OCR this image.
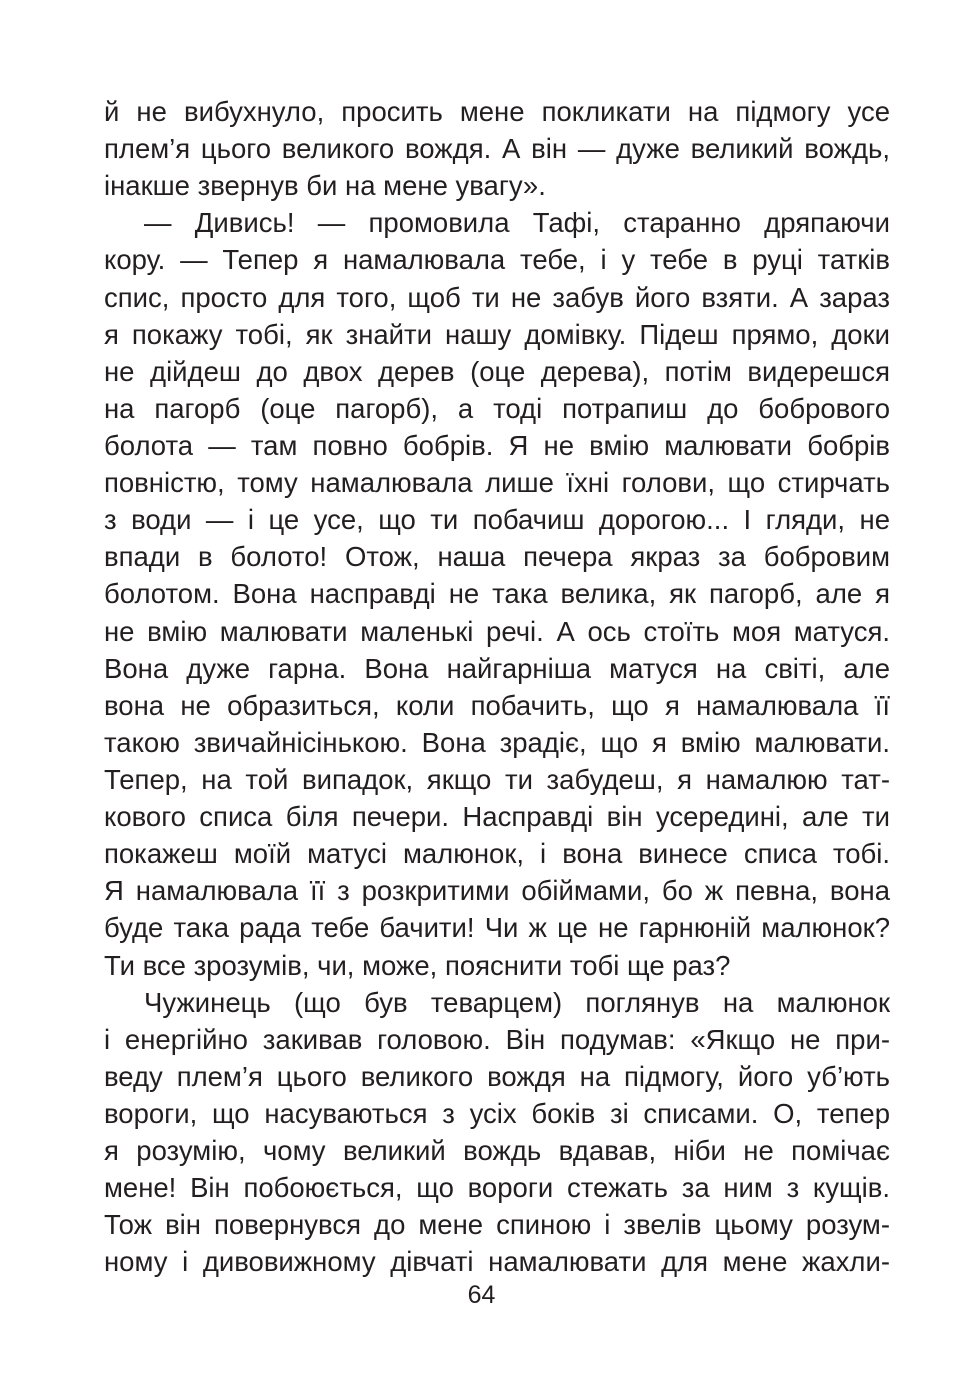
й не вибухнуло, просить мене покликати на підмогу усе
плем’я цього великого вождя. А він — дуже великий вождь,
інакше звернув би на мене увагу».
— Дивись! — промовила Тафі, старанно дряпаючи
кору. — Тепер я намалювала тебе, і у тебе в руці татків
спис, просто для того, щоб ти не забув його взяти. А зараз
я покажу тобі, як знайти нашу домівку. Підеш прямо, доки
не дійдеш до двох дерев (оце дерева), потім видерешся
на пагорб (оце пагорб), а тоді потрапиш до бобрового
болота — там повно бобрів. Я не вмію малювати бобрів
повністю, тому намалювала лише їхні голови, що стирчать
з води — і це усе, що ти побачиш дорогою... І гляди, не
впади в болото! Отож, наша печера якраз за бобровим
болотом. Вона насправді не така велика, як пагорб, але я
не вмію малювати маленькі речі. А ось стоїть моя матуся.
Вона дуже гарна. Вона найгарніша матуся на світі, але
вона не образиться, коли побачить, що я намалювала її
такою звичайнісінькою. Вона зрадіє, що я вмію малювати.
Тепер, на той випадок, якщо ти забудеш, я намалюю тат-
кового списа біля печери. Насправді він усередині, але ти
покажеш моїй матусі малюнок, і вона винесе списа тобі.
Я намалювала її з розкритими обіймами, бо ж певна, вона
буде така рада тебе бачити! Чи ж це не гарнюній малюнок?
Ти все зрозумів, чи, може, пояснити тобі ще раз?
Чужинець (що був теварцем) поглянув на малюнок
і енергійно закивав головою. Він подумав: «Якщо не при-
веду плем’я цього великого вождя на підмогу, його уб’ють
вороги, що насуваються з усіх боків зі списами. О, тепер
я розумію, чому великий вождь вдавав, ніби не помічає
мене! Він побоюється, що вороги стежать за ним з кущів.
Тож він повернувся до мене спиною і звелів цьому розум-
ному і дивовижному дівчаті намалювати для мене жахли-
64
